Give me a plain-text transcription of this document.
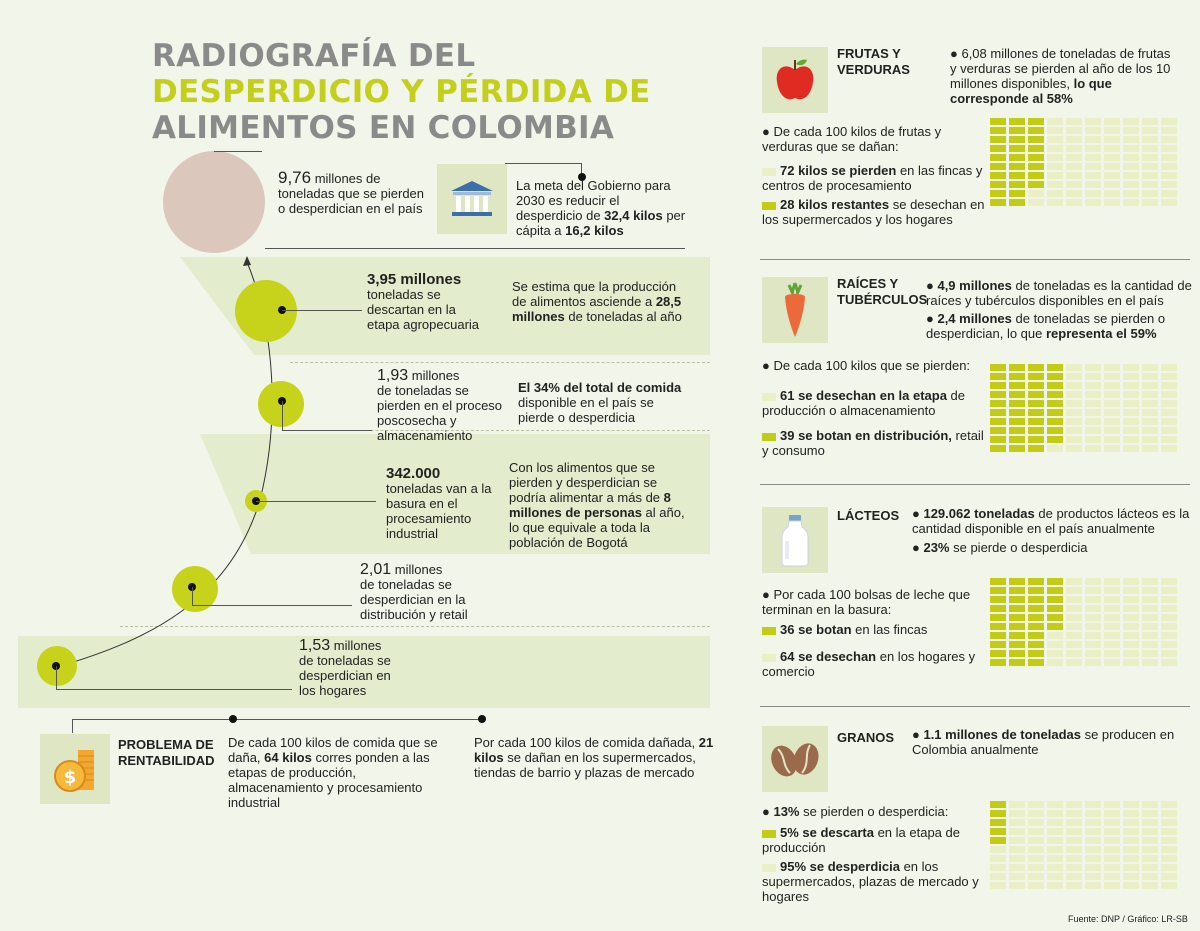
RADIOGRAFÍA DEL
DESPERDICIO Y PÉRDIDA DE
ALIMENTOS EN COLOMBIA
9,76 millones de toneladas que se pierden o desperdician en el país
La meta del Gobierno para 2030 es reducir el desperdicio de 32,4 kilos per cápita a 16,2 kilos
3,95 millones
toneladas se descartan en la etapa agropecuaria
1,93 millones
de toneladas se pierden en el proceso poscosecha y almacenamiento
342.000
toneladas van a la basura en el procesamiento industrial
2,01 millones
de toneladas se desperdician en la distribución y retail
1,53 millones
de toneladas se desperdician en los hogares
Se estima que la producción de alimentos asciende a 28,5 millones de toneladas al año
El 34% del total de comida disponible en el país se pierde o desperdicia
Con los alimentos que se pierden y desperdician se podría alimentar a más de 8 millones de personas al año, lo que equivale a toda la población de Bogotá
$
PROBLEMA DE
RENTABILIDAD
De cada 100 kilos de comida que se daña, 64 kilos corres ponden a las etapas de producción, almacenamiento y procesamiento industrial
Por cada 100 kilos de comida dañada, 21 kilos se dañan en los supermercados, tiendas de barrio y plazas de mercado
FRUTAS Y
VERDURAS
● 6,08 millones de toneladas de frutas y verduras se pierden al año de los 10 millones disponibles, lo que corresponde al 58%
● De cada 100 kilos de frutas y verduras que se dañan:
72 kilos se pierden en las fincas y centros de procesamiento
28 kilos restantes se desechan en los supermercados y los hogares
RAÍCES Y
TUBÉRCULOS
● 4,9 millones de toneladas es la cantidad de raíces y tubérculos disponibles en el país
● 2,4 millones de toneladas se pierden o desperdician, lo que representa el 59%
● De cada 100 kilos que se pierden:
61 se desechan en la etapa de producción o almacenamiento
39 se botan en distribución, retail y consumo
LÁCTEOS ● 129.062 toneladas de productos lácteos es la cantidad disponible en el país anualmente
● 23% se pierde o desperdicia
● Por cada 100 bolsas de leche que terminan en la basura:
36 se botan en las fincas
64 se desechan en los hogares y comercio
GRANOS ● 1.1 millones de toneladas se producen en Colombia anualmente
● 13% se pierden o desperdicia:
5% se descarta en la etapa de producción
95% se desperdicia en los supermercados, plazas de mercado y hogares
Fuente: DNP / Gráfico: LR-SB
